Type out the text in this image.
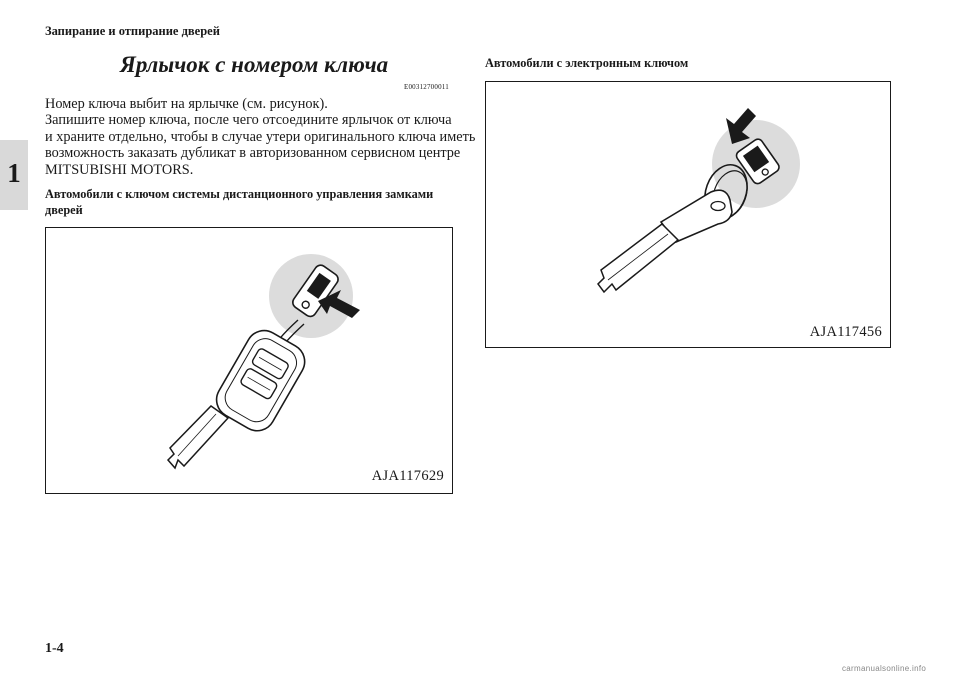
Запирание и отпирание дверей
1
Ярлычок с номером ключа
E00312700011

Номер ключа выбит на ярлычке (см. рисунок).

Запишите номер ключа, после чего отсоедините ярлычок от ключа

и храните отдельно, чтобы в случае утери оригинального ключа иметь

возможность заказать дубликат в авторизованном сервисном центре

MITSUBISHI MOTORS.

Автомобили с ключом системы дистанционного управления замками дверей
AJA117629
Автомобили с электронным ключом
AJA117456
1-4
carmanualsonline.info
